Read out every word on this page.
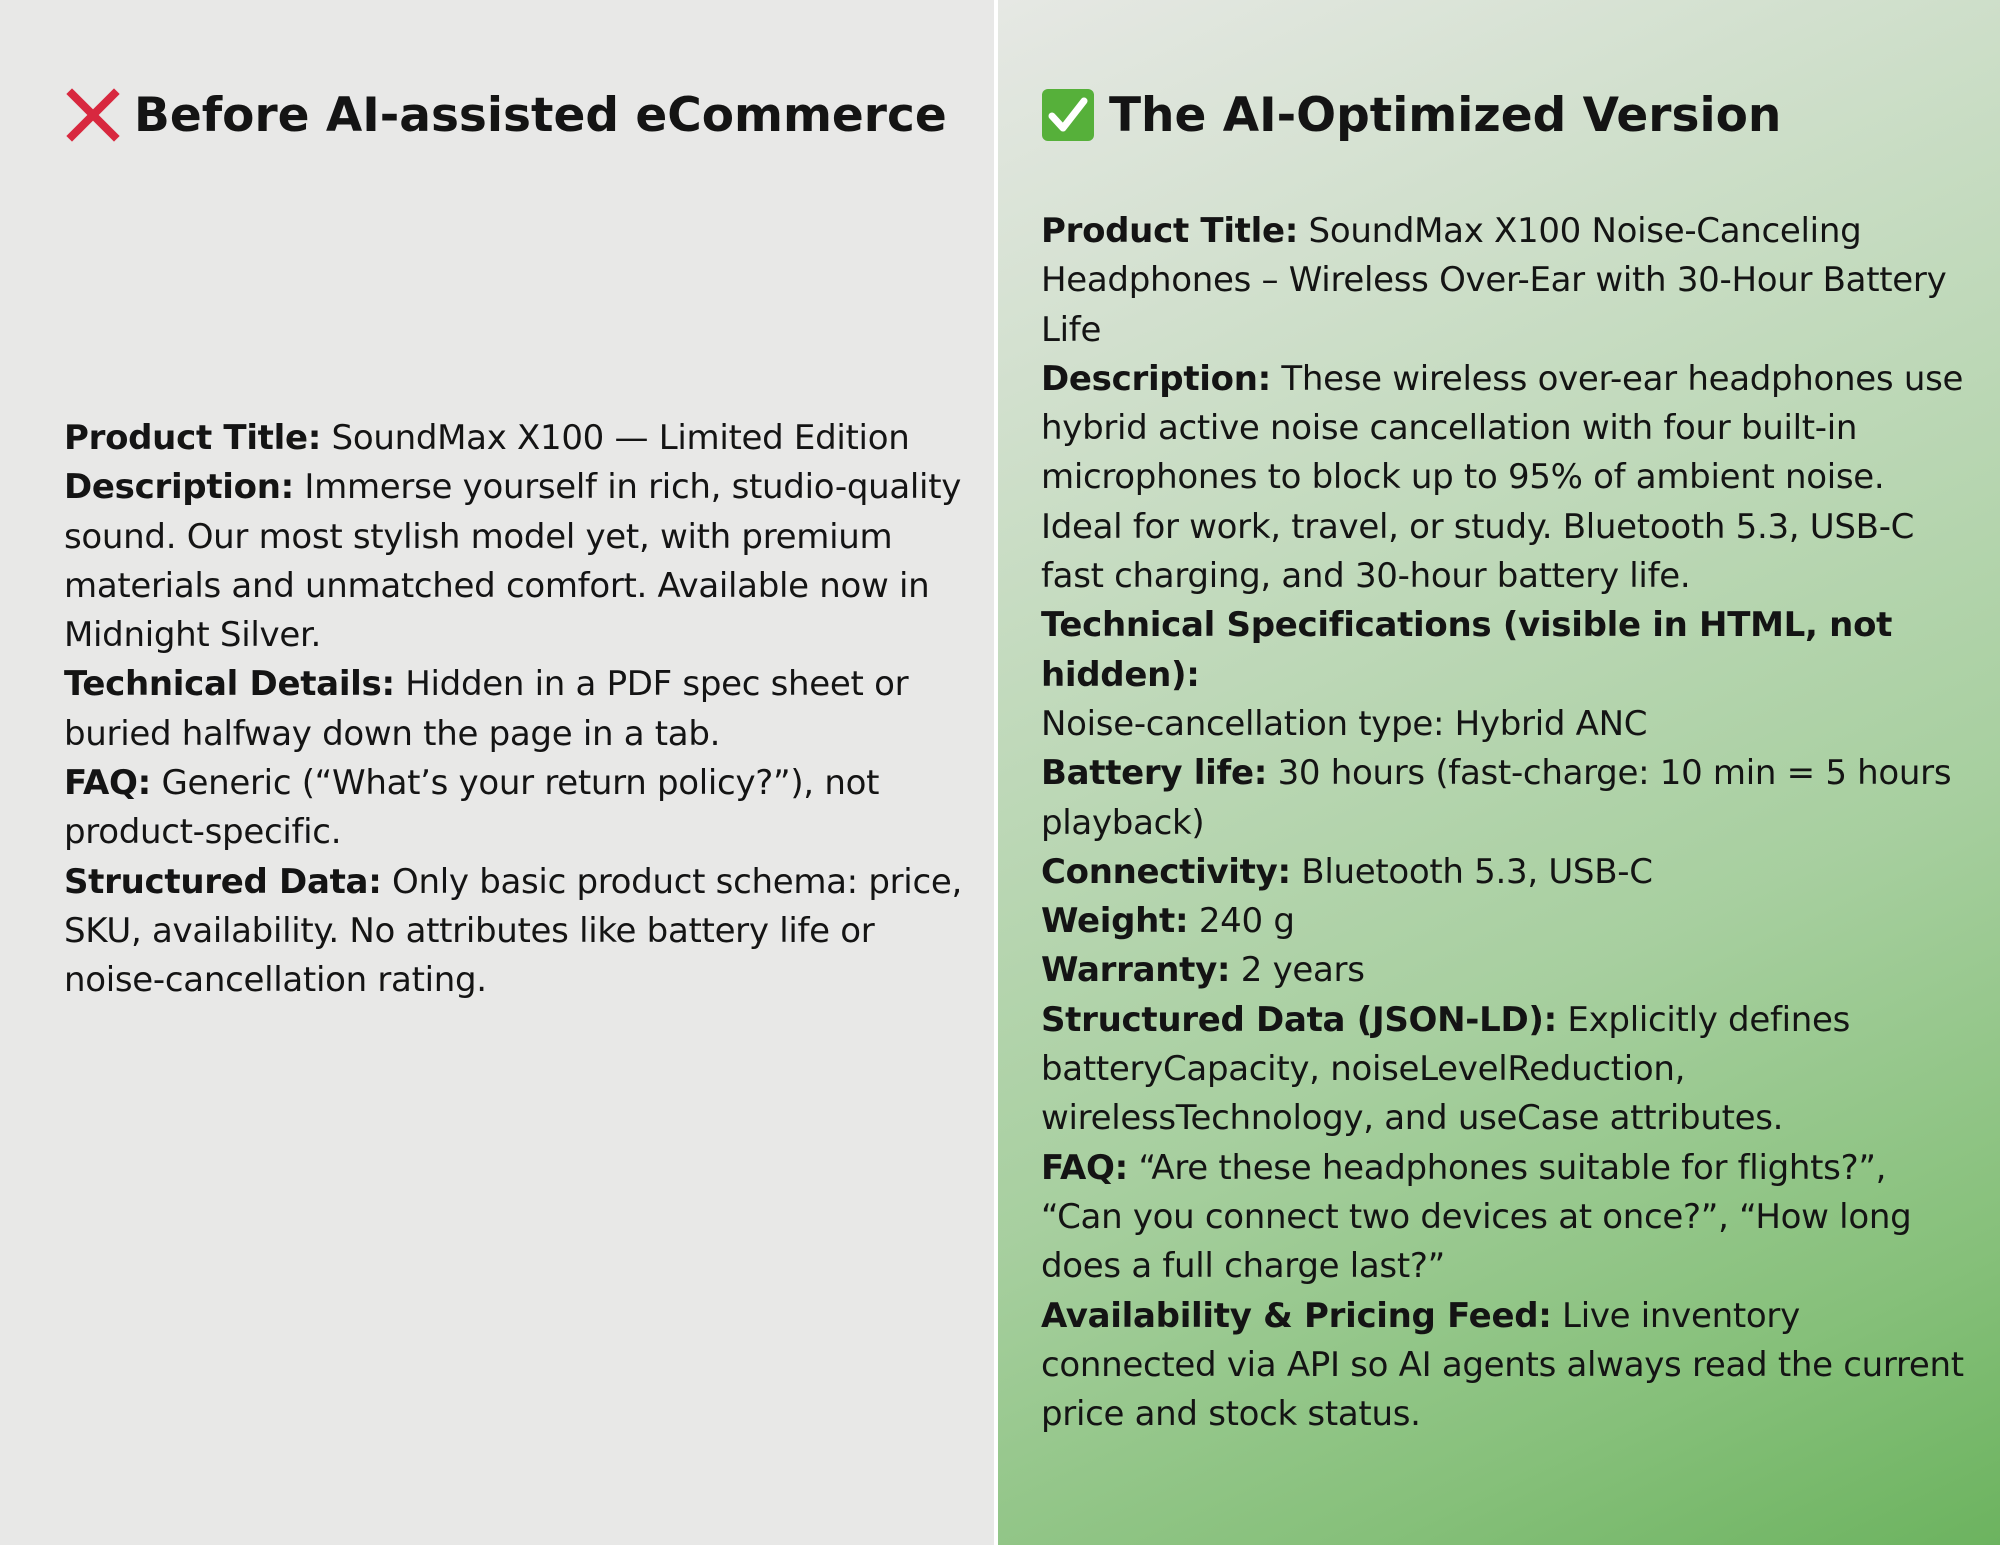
Before AI-assisted eCommerce

Product Title: SoundMax X100 — Limited Edition

Description: Immerse yourself in rich, studio-quality sound. Our most stylish model yet, with premium materials and unmatched comfort. Available now in Midnight Silver.

Technical Details: Hidden in a PDF spec sheet or buried halfway down the page in a tab.

FAQ: Generic (“What’s your return policy?”), not product-specific.

Structured Data: Only basic product schema: price, SKU, availability. No attributes like battery life or noise-cancellation rating.

The AI-Optimized Version

Product Title: SoundMax X100 Noise-Canceling Headphones – Wireless Over-Ear with 30-Hour Battery Life

Description: These wireless over-ear headphones use hybrid active noise cancellation with four built-in microphones to block up to 95% of ambient noise. Ideal for work, travel, or study. Bluetooth 5.3, USB-C fast charging, and 30-hour battery life.

Technical Specifications (visible in HTML, not hidden):

Noise-cancellation type: Hybrid ANC

Battery life: 30 hours (fast-charge: 10 min = 5 hours playback)

Connectivity: Bluetooth 5.3, USB-C

Weight: 240 g

Warranty: 2 years

Structured Data (JSON-LD): Explicitly defines batteryCapacity, noiseLevelReduction, wirelessTechnology, and useCase attributes.

FAQ: “Are these headphones suitable for flights?”, “Can you connect two devices at once?”, “How long does a full charge last?”

Availability & Pricing Feed: Live inventory connected via API so AI agents always read the current price and stock status.
